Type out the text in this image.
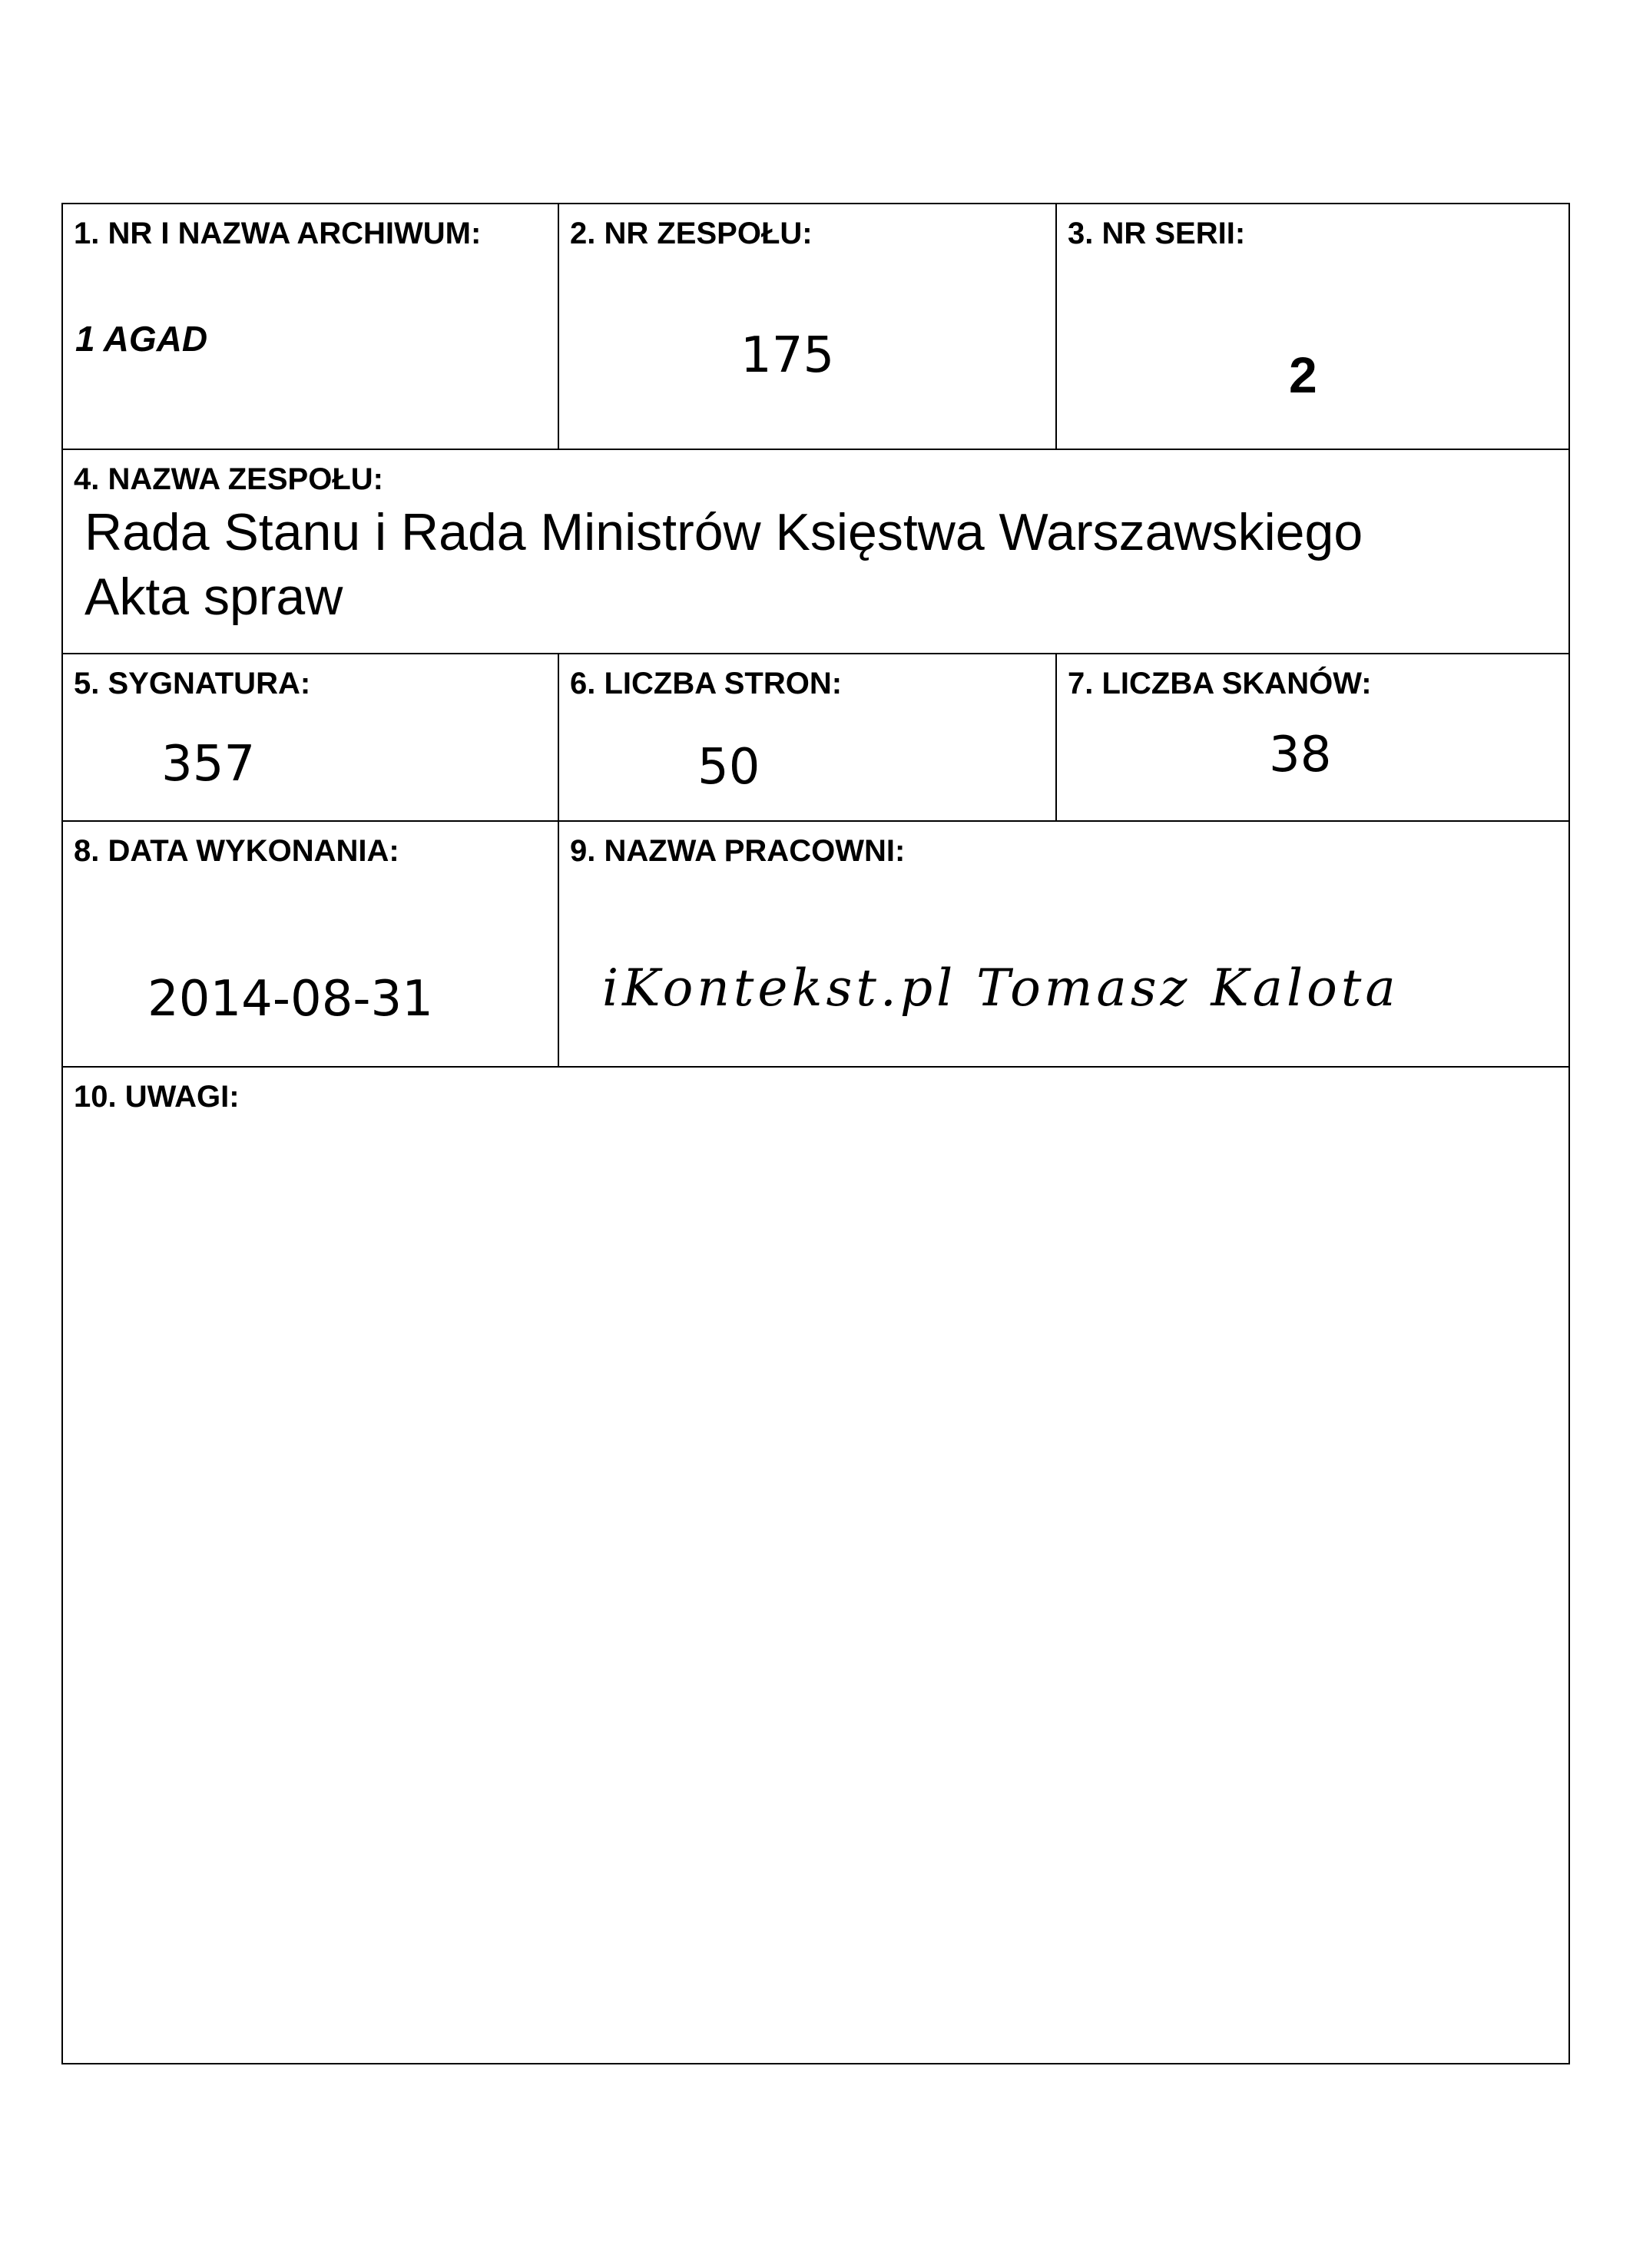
1. NR I NAZWA ARCHIWUM:
1 AGAD
2. NR ZESPOŁU:
175
3. NR SERII:
2
4. NAZWA ZESPOŁU:
Rada Stanu i Rada Ministrów Księstwa Warszawskiego
Akta spraw
5. SYGNATURA:
357
6. LICZBA STRON:
50
7. LICZBA SKANÓW:
38
8. DATA WYKONANIA:
2014-08-31
9. NAZWA PRACOWNI:
iKontekst.pl Tomasz Kalota
10. UWAGI:
